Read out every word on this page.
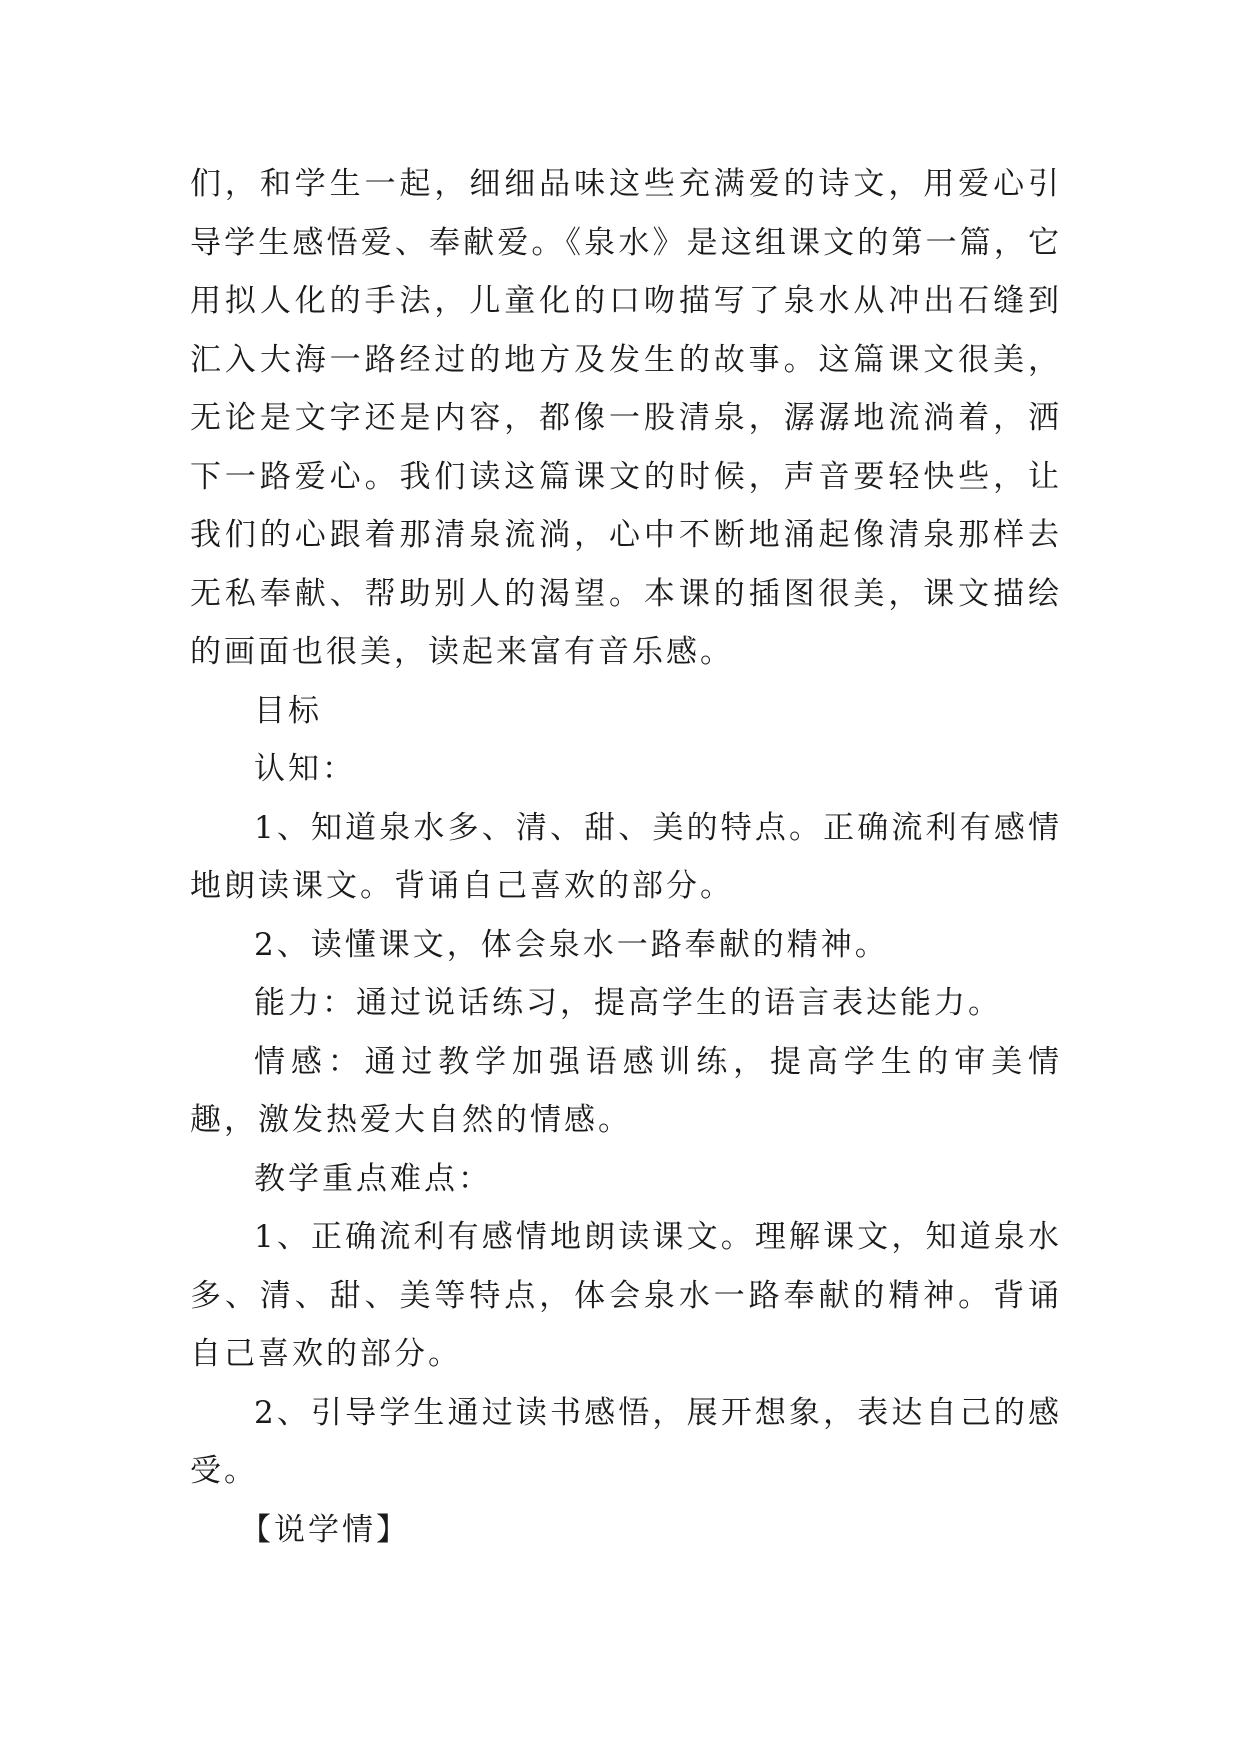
们，和学生一起，细细品味这些充满爱的诗文，用爱心引导学生感悟爱、奉献爱。《泉水》是这组课文的第一篇，它用拟人化的手法，儿童化的口吻描写了泉水从冲出石缝到汇入大海一路经过的地方及发生的故事。这篇课文很美，无论是文字还是内容，都像一股清泉，潺潺地流淌着，洒下一路爱心。我们读这篇课文的时候，声音要轻快些，让我们的心跟着那清泉流淌，心中不断地涌起像清泉那样去无私奉献、帮助别人的渴望。本课的插图很美，课文描绘的画面也很美，读起来富有音乐感。

目标

认知：

1、知道泉水多、清、甜、美的特点。正确流利有感情地朗读课文。背诵自己喜欢的部分。

2、读懂课文，体会泉水一路奉献的精神。

能力：通过说话练习，提高学生的语言表达能力。

情感：通过教学加强语感训练，提高学生的审美情趣，激发热爱大自然的情感。

教学重点难点：

1、正确流利有感情地朗读课文。理解课文，知道泉水多、清、甜、美等特点，体会泉水一路奉献的精神。背诵自己喜欢的部分。

2、引导学生通过读书感悟，展开想象，表达自己的感受。

【说学情】
